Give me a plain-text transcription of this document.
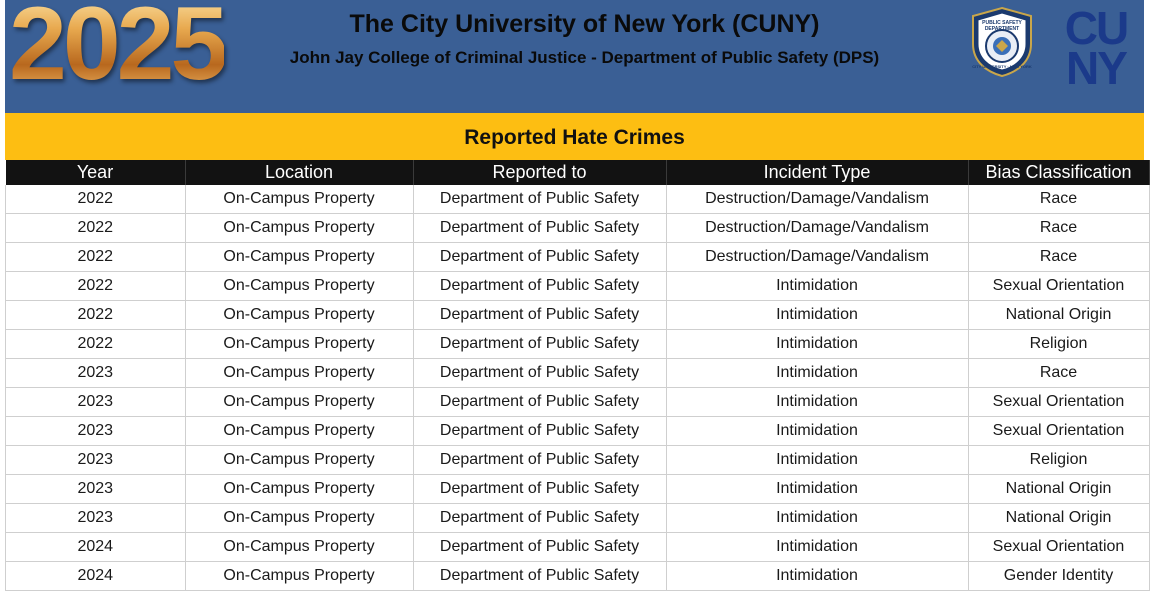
The City University of New York (CUNY)
John Jay College of Criminal Justice - Department of Public Safety (DPS)
2025	PUBLIC SAFETY
DEPARTMENT
CITY UNIVERSITY · NEW YORK
CU
NY
Reported Hate Crimes
Year	Location	Reported to	Incident Type	Bias Classification
2022	On-Campus Property	Department of Public Safety	Destruction/Damage/Vandalism	Race
2022	On-Campus Property	Department of Public Safety	Destruction/Damage/Vandalism	Race
2022	On-Campus Property	Department of Public Safety	Destruction/Damage/Vandalism	Race
2022	On-Campus Property	Department of Public Safety	Intimidation	Sexual Orientation
2022	On-Campus Property	Department of Public Safety	Intimidation	National Origin
2022	On-Campus Property	Department of Public Safety	Intimidation	Religion
2023	On-Campus Property	Department of Public Safety	Intimidation	Race
2023	On-Campus Property	Department of Public Safety	Intimidation	Sexual Orientation
2023	On-Campus Property	Department of Public Safety	Intimidation	Sexual Orientation
2023	On-Campus Property	Department of Public Safety	Intimidation	Religion
2023	On-Campus Property	Department of Public Safety	Intimidation	National Origin
2023	On-Campus Property	Department of Public Safety	Intimidation	National Origin
2024	On-Campus Property	Department of Public Safety	Intimidation	Sexual Orientation
2024	On-Campus Property	Department of Public Safety	Intimidation	Gender Identity
